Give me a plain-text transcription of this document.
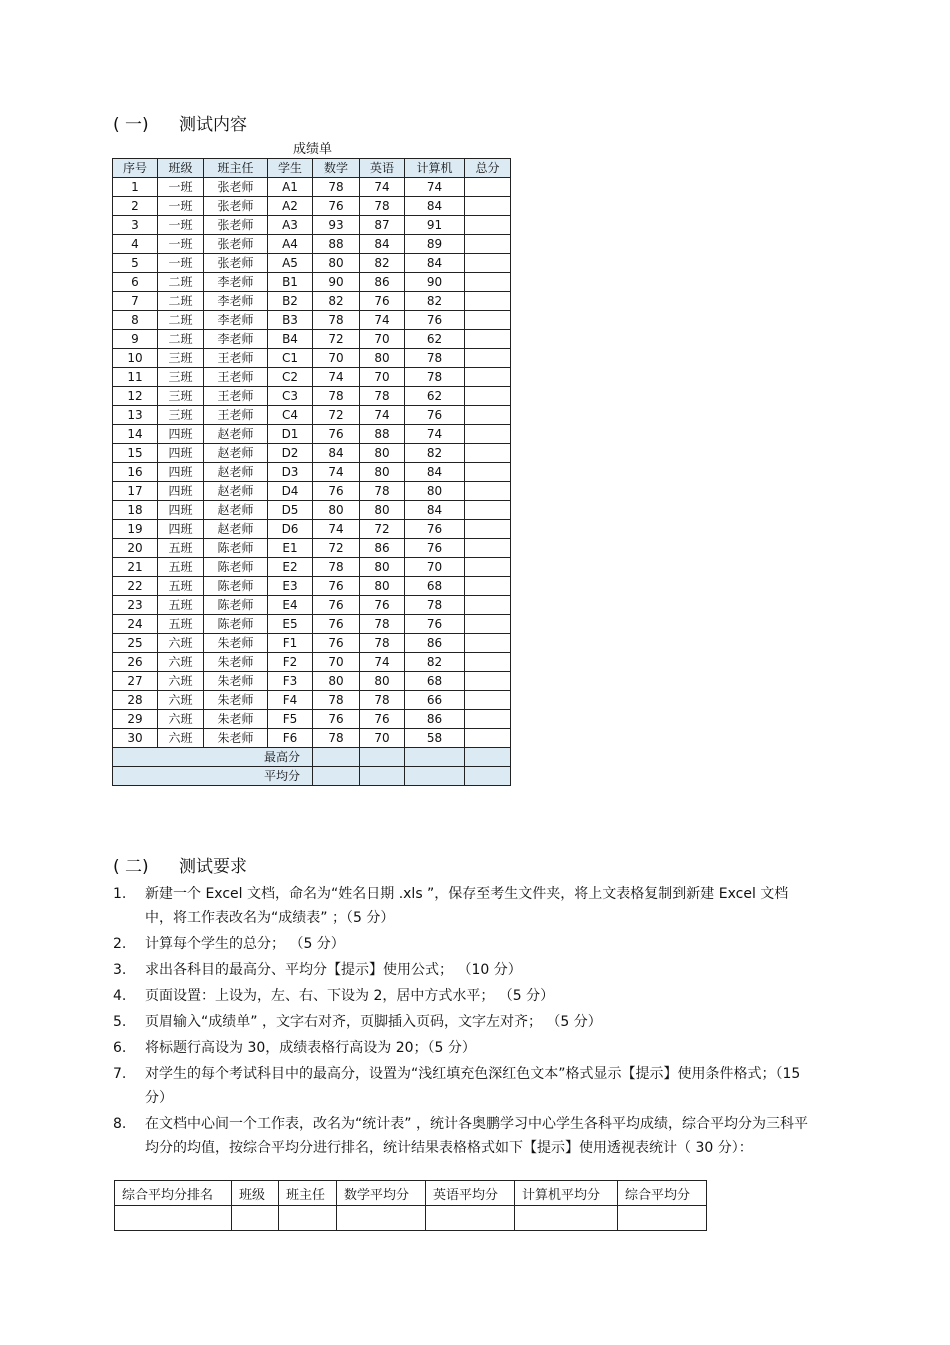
( 一) 测试内容
成绩单
序号	班级	班主任	学生	数学	英语	计算机	总分
1	一班	张老师	A1	78	74	74	
2	一班	张老师	A2	76	78	84	
3	一班	张老师	A3	93	87	91	
4	一班	张老师	A4	88	84	89	
5	一班	张老师	A5	80	82	84	
6	二班	李老师	B1	90	86	90	
7	二班	李老师	B2	82	76	82	
8	二班	李老师	B3	78	74	76	
9	二班	李老师	B4	72	70	62	
10	三班	王老师	C1	70	80	78	
11	三班	王老师	C2	74	70	78	
12	三班	王老师	C3	78	78	62	
13	三班	王老师	C4	72	74	76	
14	四班	赵老师	D1	76	88	74	
15	四班	赵老师	D2	84	80	82	
16	四班	赵老师	D3	74	80	84	
17	四班	赵老师	D4	76	78	80	
18	四班	赵老师	D5	80	80	84	
19	四班	赵老师	D6	74	72	76	
20	五班	陈老师	E1	72	86	76	
21	五班	陈老师	E2	78	80	70	
22	五班	陈老师	E3	76	80	68	
23	五班	陈老师	E4	76	76	78	
24	五班	陈老师	E5	76	78	76	
25	六班	朱老师	F1	76	78	86	
26	六班	朱老师	F2	70	74	82	
27	六班	朱老师	F3	80	80	68	
28	六班	朱老师	F4	78	78	66	
29	六班	朱老师	F5	76	76	86	
30	六班	朱老师	F6	78	70	58	
最高分							
平均分							
( 二) 测试要求
1. 新建一个 Excel 文档，命名为“姓名日期 .xls ”，保存至考生文件夹，将上文表格复制到新建 Excel 文档中，将工作表改名为“成绩表” ；（5 分）
2. 计算每个学生的总分； （5 分）
3. 求出各科目的最高分、平均分【提示】使用公式； （10 分）
4. 页面设置：上设为，左、右、下设为 2，居中方式水平； （5 分）
5. 页眉输入“成绩单” ，文字右对齐，页脚插入页码，文字左对齐； （5 分）
6. 将标题行高设为 30，成绩表格行高设为 20；（5 分）
7. 对学生的每个考试科目中的最高分，设置为“浅红填充色深红色文本”格式显示【提示】使用条件格式；（15 分）
8. 在文档中心间一个工作表，改名为“统计表” ，统计各奥鹏学习中心学生各科平均成绩，综合平均分为三科平均分的均值，按综合平均分进行排名，统计结果表格格式如下【提示】使用透视表统计（ 30 分）：
综合平均分排名	班级	班主任	数学平均分	英语平均分	计算机平均分	综合平均分
